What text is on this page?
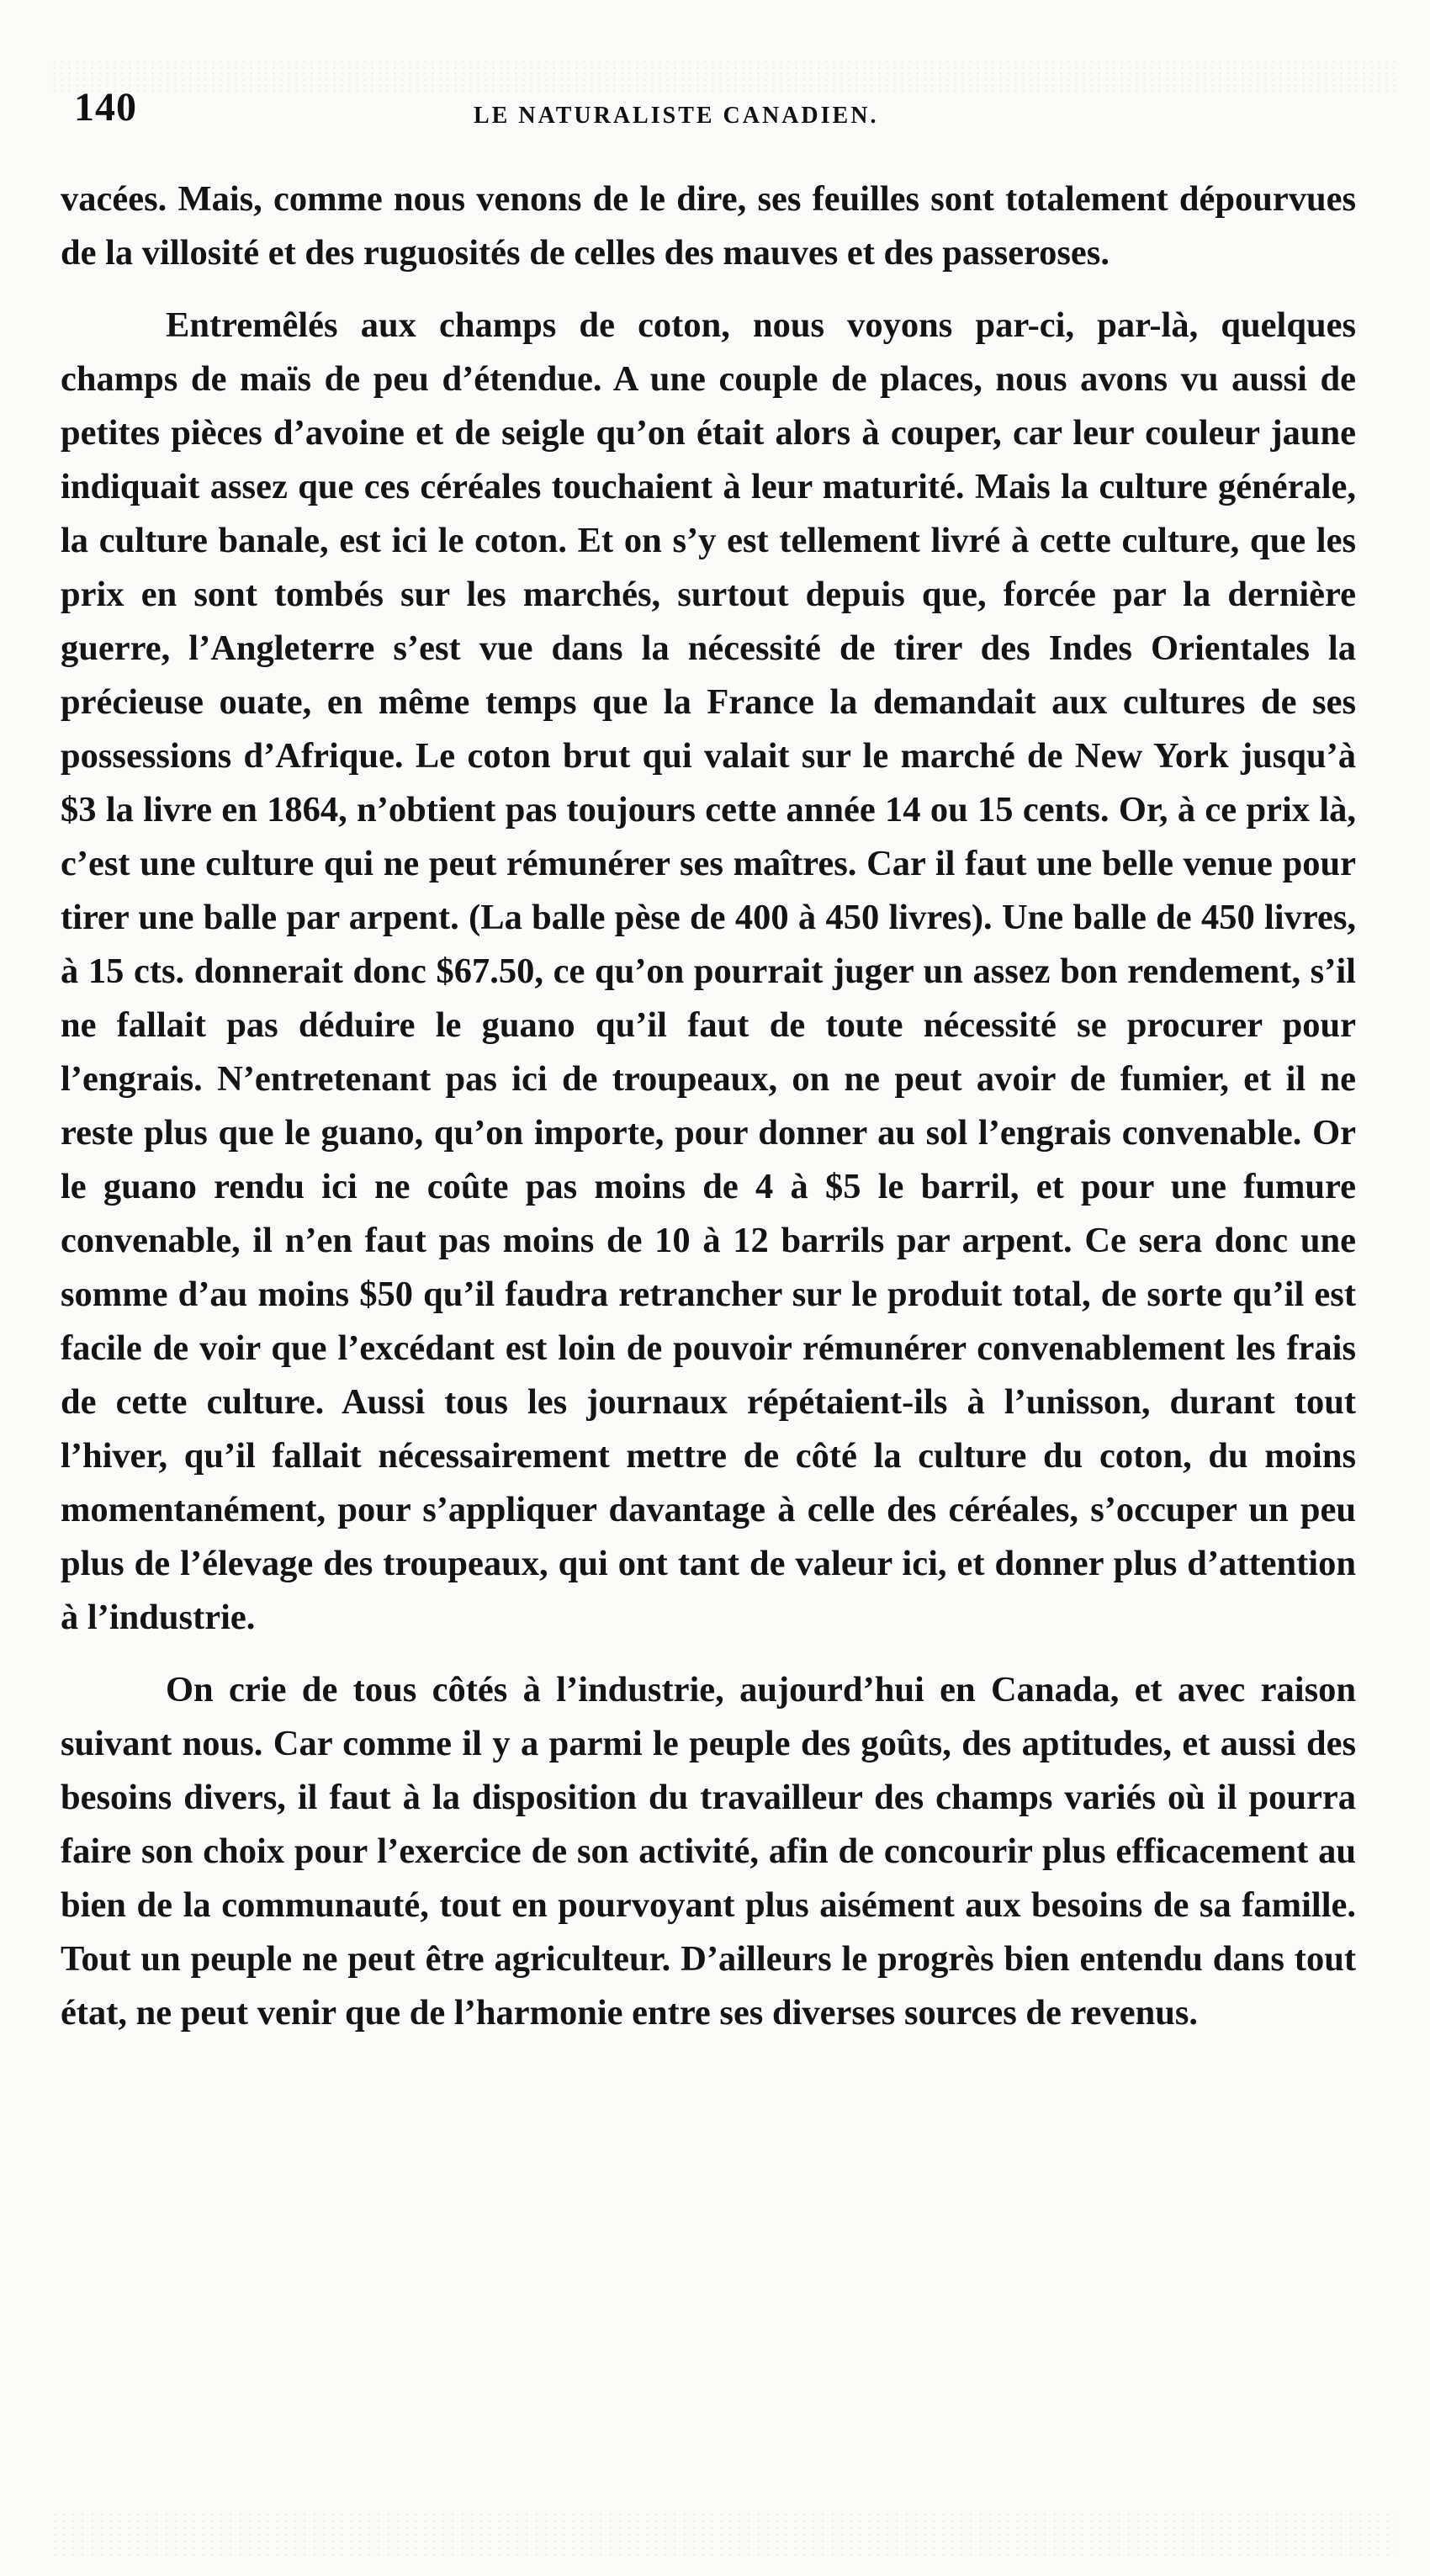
140	LE NATURALISTE CANADIEN.

vacées. Mais, comme nous venons de le dire, ses feuilles sont totalement dépourvues de la villosité et des ruguosités de celles des mauves et des passeroses.

Entremêlés aux champs de coton, nous voyons par-ci, par-là, quelques champs de maïs de peu d’étendue. A une couple de places, nous avons vu aussi de petites pièces d’avoine et de seigle qu’on était alors à couper, car leur couleur jaune indiquait assez que ces céréales touchaient à leur maturité. Mais la culture générale, la culture banale, est ici le coton. Et on s’y est tellement livré à cette culture, que les prix en sont tombés sur les marchés, surtout depuis que, forcée par la dernière guerre, l’Angleterre s’est vue dans la nécessité de tirer des Indes Orientales la précieuse ouate, en même temps que la France la demandait aux cultures de ses possessions d’Afrique. Le coton brut qui valait sur le marché de New York jusqu’à $3 la livre en 1864, n’obtient pas toujours cette année 14 ou 15 cents. Or, à ce prix là, c’est une culture qui ne peut rémunérer ses maîtres. Car il faut une belle venue pour tirer une balle par arpent. (La balle pèse de 400 à 450 livres). Une balle de 450 livres, à 15 cts. donnerait donc $67.50, ce qu’on pourrait juger un assez bon rendement, s’il ne fallait pas déduire le guano qu’il faut de toute nécessité se procurer pour l’engrais. N’entretenant pas ici de troupeaux, on ne peut avoir de fumier, et il ne reste plus que le guano, qu’on importe, pour donner au sol l’engrais convenable. Or le guano rendu ici ne coûte pas moins de 4 à $5 le barril, et pour une fumure convenable, il n’en faut pas moins de 10 à 12 barrils par arpent. Ce sera donc une somme d’au moins $50 qu’il faudra retrancher sur le produit total, de sorte qu’il est facile de voir que l’excédant est loin de pouvoir rémunérer convenablement les frais de cette culture. Aussi tous les journaux répétaient-ils à l’unisson, durant tout l’hiver, qu’il fallait nécessairement mettre de côté la culture du coton, du moins momentanément, pour s’appliquer davantage à celle des céréales, s’occuper un peu plus de l’élevage des troupeaux, qui ont tant de valeur ici, et donner plus d’attention à l’industrie.

On crie de tous côtés à l’industrie, aujourd’hui en Canada, et avec raison suivant nous. Car comme il y a parmi le peuple des goûts, des aptitudes, et aussi des besoins divers, il faut à la disposition du travailleur des champs variés où il pourra faire son choix pour l’exercice de son activité, afin de concourir plus efficacement au bien de la communauté, tout en pourvoyant plus aisément aux besoins de sa famille. Tout un peuple ne peut être agriculteur. D’ailleurs le progrès bien entendu dans tout état, ne peut venir que de l’harmonie entre ses diverses sources de revenus.
